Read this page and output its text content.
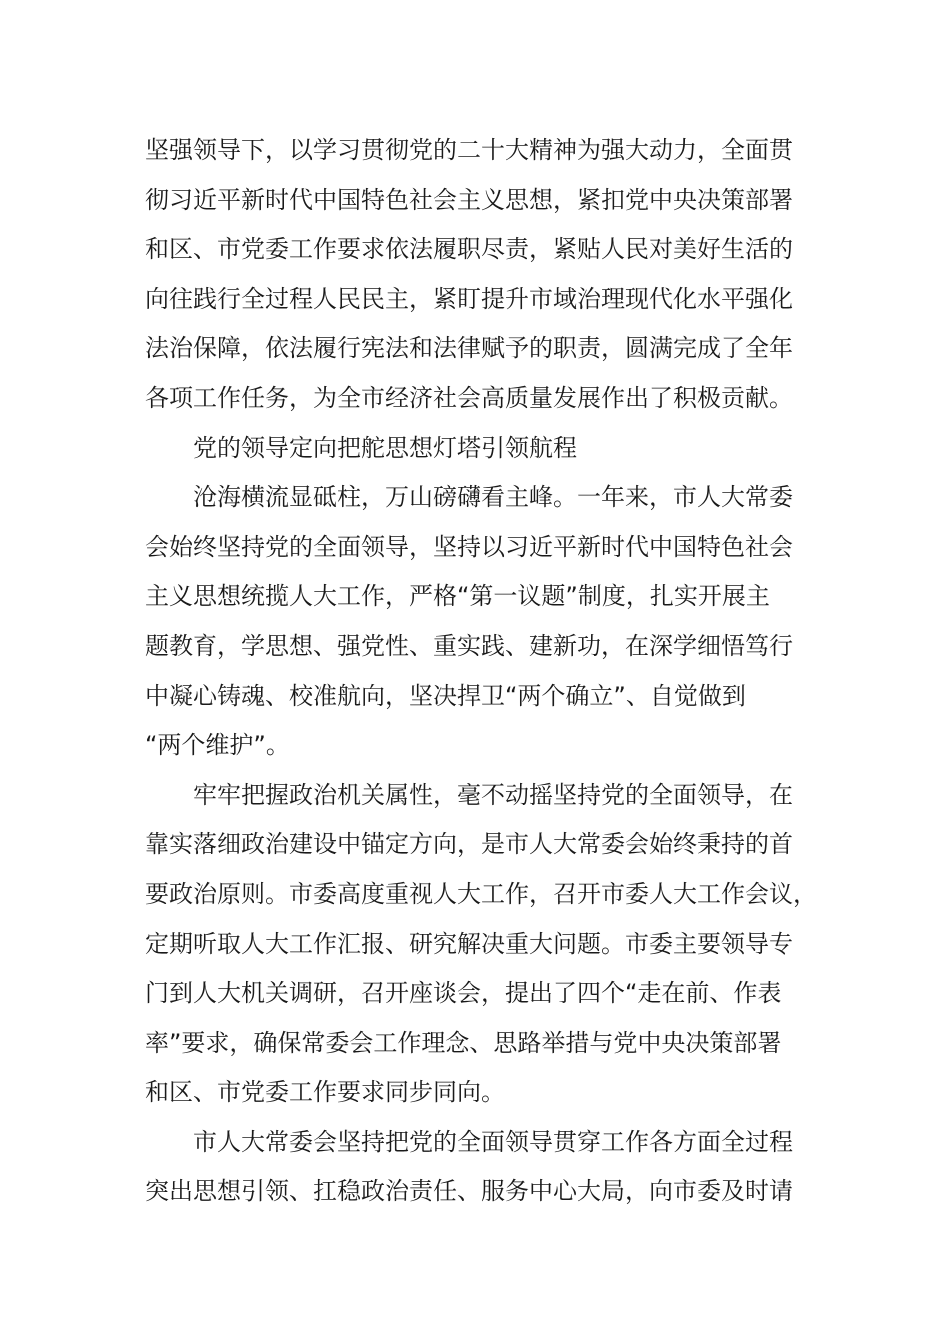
坚强领导下，以学习贯彻党的二十大精神为强大动力，全面贯
彻习近平新时代中国特色社会主义思想，紧扣党中央决策部署
和区、市党委工作要求依法履职尽责，紧贴人民对美好生活的
向往践行全过程人民民主，紧盯提升市域治理现代化水平强化
法治保障，依法履行宪法和法律赋予的职责，圆满完成了全年
各项工作任务，为全市经济社会高质量发展作出了积极贡献。
　　党的领导定向把舵思想灯塔引领航程
　　沧海横流显砥柱，万山磅礴看主峰。一年来，市人大常委
会始终坚持党的全面领导，坚持以习近平新时代中国特色社会
主义思想统揽人大工作，严格“第一议题”制度，扎实开展主
题教育，学思想、强党性、重实践、建新功，在深学细悟笃行
中凝心铸魂、校准航向，坚决捍卫“两个确立”、自觉做到
“两个维护”。
　　牢牢把握政治机关属性，毫不动摇坚持党的全面领导，在
靠实落细政治建设中锚定方向，是市人大常委会始终秉持的首
要政治原则。市委高度重视人大工作，召开市委人大工作会议，
定期听取人大工作汇报、研究解决重大问题。市委主要领导专
门到人大机关调研，召开座谈会，提出了四个“走在前、作表
率”要求，确保常委会工作理念、思路举措与党中央决策部署
和区、市党委工作要求同步同向。
　　市人大常委会坚持把党的全面领导贯穿工作各方面全过程
突出思想引领、扛稳政治责任、服务中心大局，向市委及时请
